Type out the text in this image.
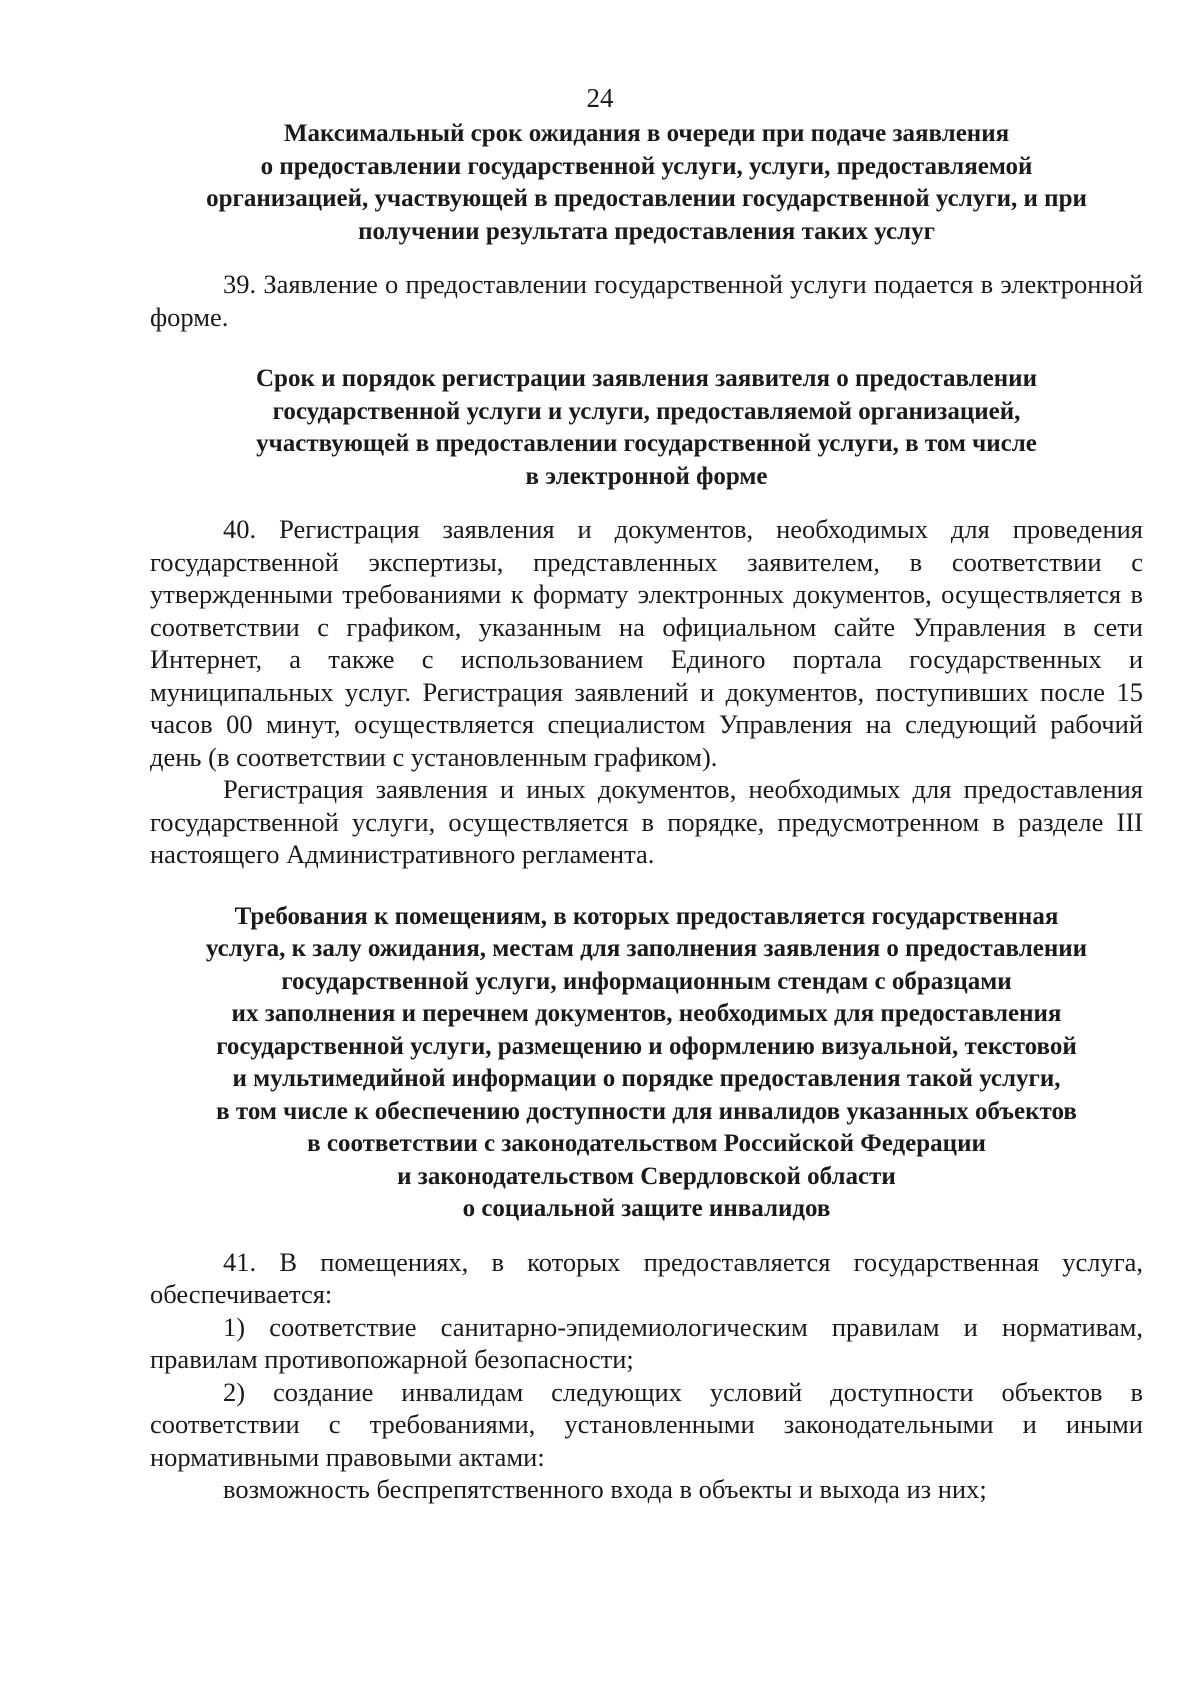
24

Максимальный срок ожидания в очереди при подаче заявления
о предоставлении государственной услуги, услуги, предоставляемой
организацией, участвующей в предоставлении государственной услуги, и при
получении результата предоставления таких услуг

39. Заявление о предоставлении государственной услуги подается в электронной форме.

Срок и порядок регистрации заявления заявителя о предоставлении
государственной услуги и услуги, предоставляемой организацией,
участвующей в предоставлении государственной услуги, в том числе
в электронной форме

40. Регистрация заявления и документов, необходимых для проведения государственной экспертизы, представленных заявителем, в соответствии с утвержденными требованиями к формату электронных документов, осуществляется в соответствии с графиком, указанным на официальном сайте Управления в сети Интернет, а также с использованием Единого портала государственных и муниципальных услуг. Регистрация заявлений и документов, поступивших после 15 часов 00 минут, осуществляется специалистом Управления на следующий рабочий день (в соответствии с установленным графиком).

Регистрация заявления и иных документов, необходимых для предоставления государственной услуги, осуществляется в порядке, предусмотренном в разделе III настоящего Административного регламента.

Требования к помещениям, в которых предоставляется государственная
услуга, к залу ожидания, местам для заполнения заявления о предоставлении
государственной услуги, информационным стендам с образцами
их заполнения и перечнем документов, необходимых для предоставления
государственной услуги, размещению и оформлению визуальной, текстовой
и мультимедийной информации о порядке предоставления такой услуги,
в том числе к обеспечению доступности для инвалидов указанных объектов
в соответствии с законодательством Российской Федерации
и законодательством Свердловской области
о социальной защите инвалидов

41. В помещениях, в которых предоставляется государственная услуга, обеспечивается:

1) соответствие санитарно-эпидемиологическим правилам и нормативам, правилам противопожарной безопасности;

2) создание инвалидам следующих условий доступности объектов в соответствии с требованиями, установленными законодательными и иными нормативными правовыми актами:

возможность беспрепятственного входа в объекты и выхода из них;
